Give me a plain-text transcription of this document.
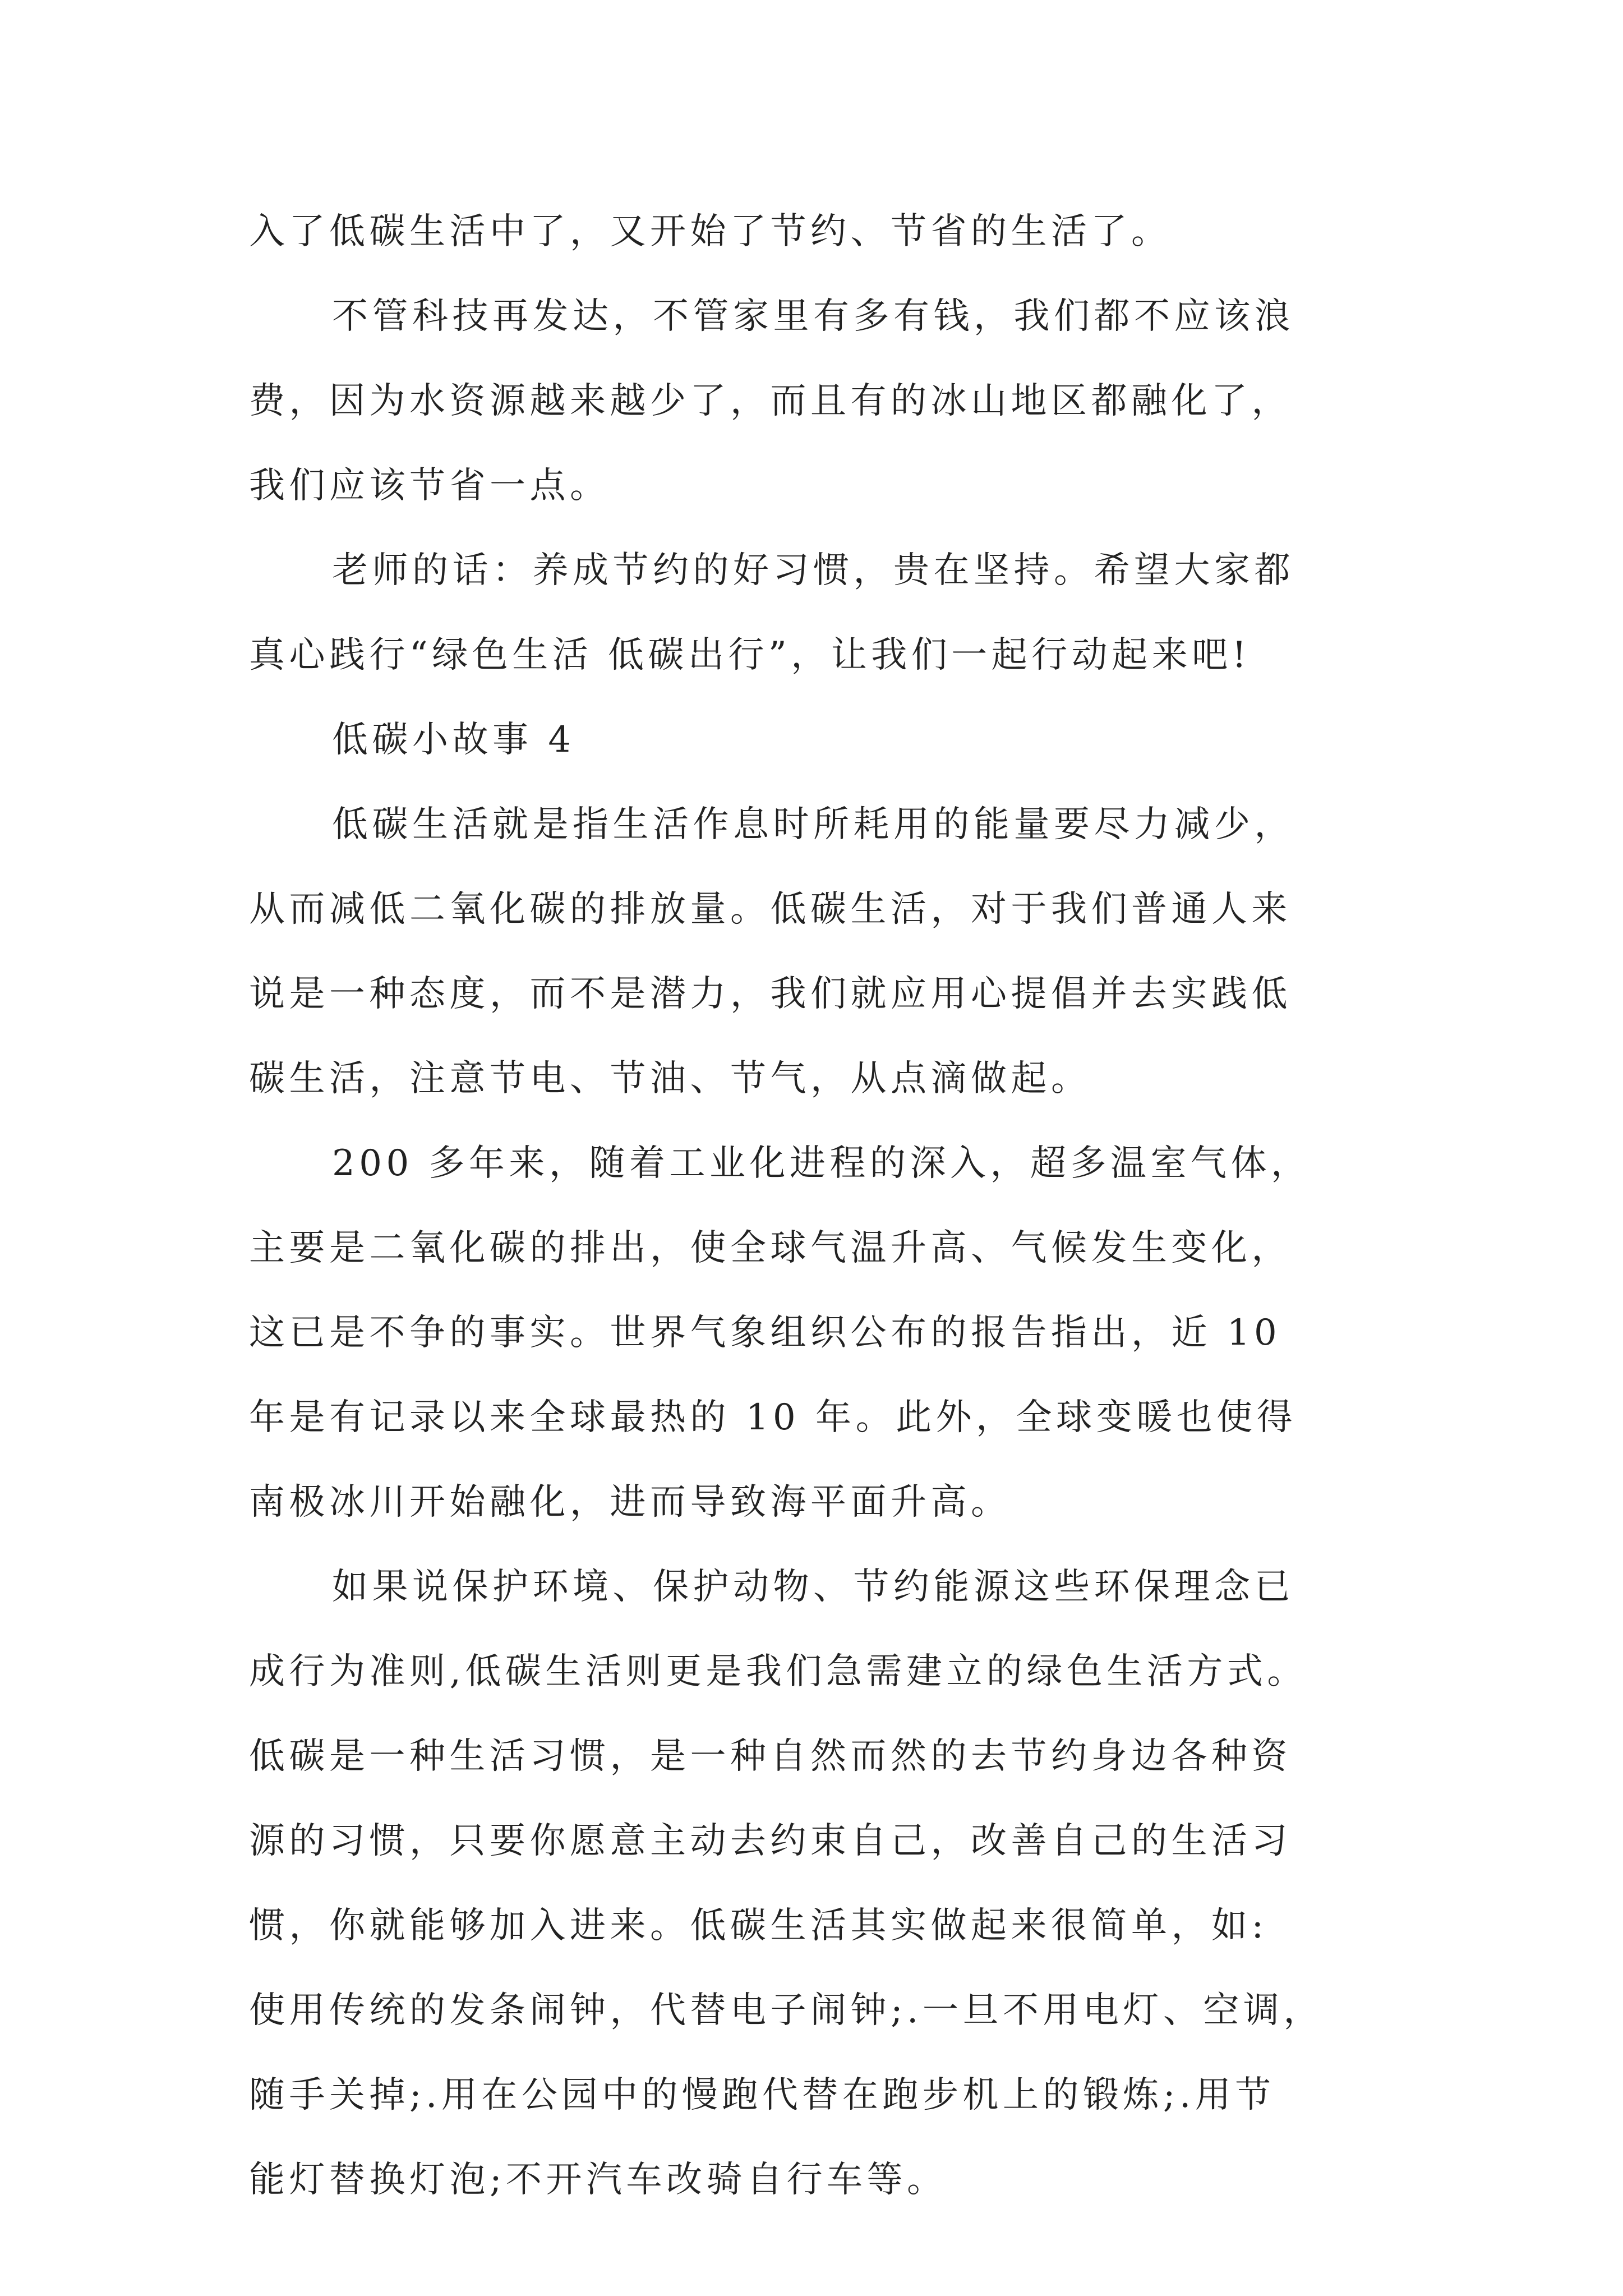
入了低碳生活中了，又开始了节约、节省的生活了。
不管科技再发达，不管家里有多有钱，我们都不应该浪
费，因为水资源越来越少了，而且有的冰山地区都融化了，
我们应该节省一点。
老师的话：养成节约的好习惯，贵在坚持。希望大家都
真心践行“绿色生活 低碳出行”，让我们一起行动起来吧!
低碳小故事 4
低碳生活就是指生活作息时所耗用的能量要尽力减少，
从而减低二氧化碳的排放量。低碳生活，对于我们普通人来
说是一种态度，而不是潜力，我们就应用心提倡并去实践低
碳生活，注意节电、节油、节气，从点滴做起。
200 多年来，随着工业化进程的深入，超多温室气体，
主要是二氧化碳的排出，使全球气温升高、气候发生变化，
这已是不争的事实。世界气象组织公布的报告指出，近 10
年是有记录以来全球最热的 10 年。此外，全球变暖也使得
南极冰川开始融化，进而导致海平面升高。
如果说保护环境、保护动物、节约能源这些环保理念已
成行为准则,低碳生活则更是我们急需建立的绿色生活方式。
低碳是一种生活习惯，是一种自然而然的去节约身边各种资
源的习惯，只要你愿意主动去约束自己，改善自己的生活习
惯，你就能够加入进来。低碳生活其实做起来很简单，如:
使用传统的发条闹钟，代替电子闹钟;.一旦不用电灯、空调，
随手关掉;.用在公园中的慢跑代替在跑步机上的锻炼;.用节
能灯替换灯泡;不开汽车改骑自行车等。
